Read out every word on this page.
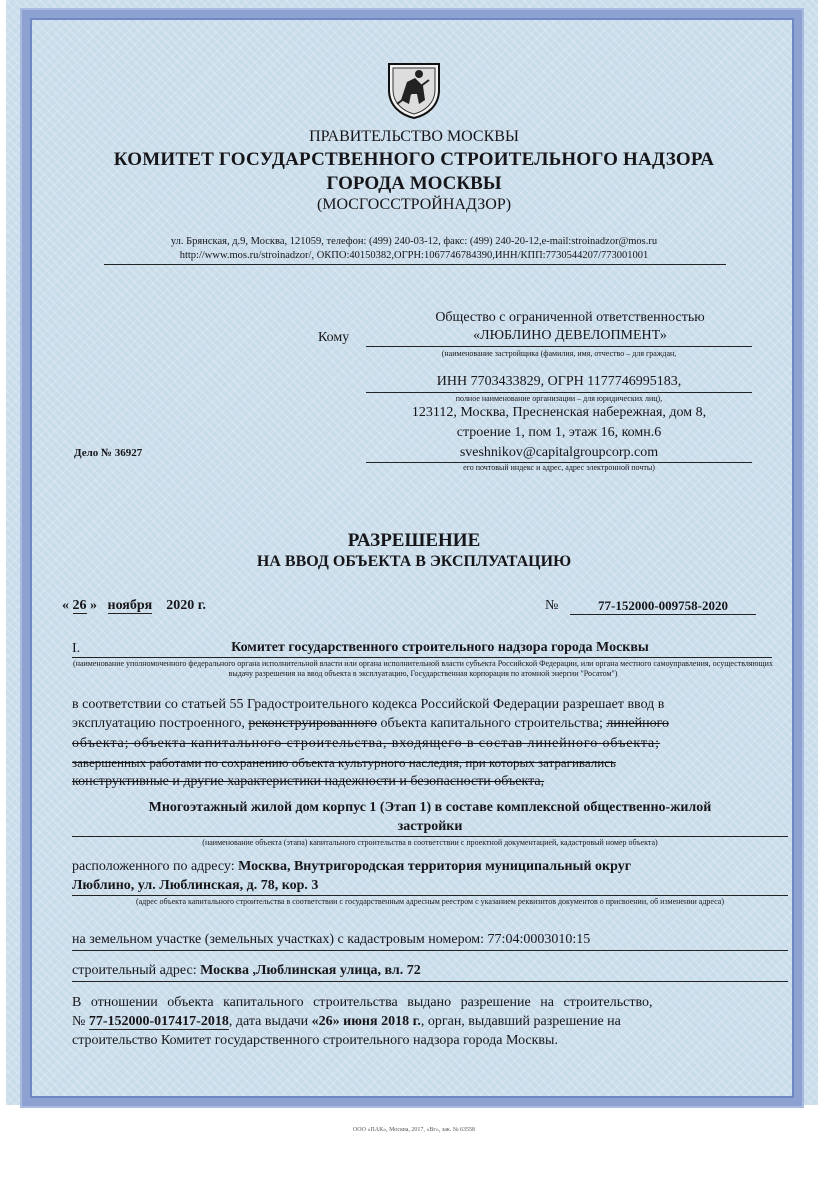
ПРАВИТЕЛЬСТВО МОСКВЫ
КОМИТЕТ ГОСУДАРСТВЕННОГО СТРОИТЕЛЬНОГО НАДЗОРА
ГОРОДА МОСКВЫ
(МОСГОССТРОЙНАДЗОР)
ул. Брянская, д.9, Москва, 121059, телефон: (499) 240-03-12, факс: (499) 240-20-12,e-mail:stroinadzor@mos.ru
http://www.mos.ru/stroinadzor/, ОКПО:40150382,ОГРН:1067746784390,ИНН/КПП:7730544207/773001001
Кому
Общество с ограниченной ответственностью
«ЛЮБЛИНО ДЕВЕЛОПМЕНТ»
(наименование застройщика (фамилия, имя, отчество – для граждан,
ИНН 7703433829, ОГРН 1177746995183,
полное наименование организации – для юридических лиц),
123112, Москва, Пресненская набережная, дом 8,
строение 1, пом 1, этаж 16, комн.6
sveshnikov@capitalgroupcorp.com
его почтовый индекс и адрес, адрес электронной почты)
Дело № 36927
РАЗРЕШЕНИЕ
НА ВВОД ОБЪЕКТА В ЭКСПЛУАТАЦИЮ
« 26 » ноября 2020 г.	№	77-152000-009758-2020
I.	Комитет государственного строительного надзора города Москвы
(наименование уполномоченного федерального органа исполнительной власти или органа исполнительной власти субъекта Российской Федерации, или органа местного самоуправления, осуществляющих выдачу разрешения на ввод объекта в эксплуатацию, Государственная корпорация по атомной энергии "Росатом")
в соответствии со статьей 55 Градостроительного кодекса Российской Федерации разрешает ввод в
эксплуатацию построенного, реконструированного объекта капитального строительства; линейного
объекта; объекта капитального строительства, входящего в состав линейного объекта;
завершенных работами по сохранению объекта культурного наследия, при которых затрагивались
конструктивные и другие характеристики надежности и безопасности объекта,
Многоэтажный жилой дом корпус 1 (Этап 1) в составе комплексной общественно-жилой
застройки
(наименование объекта (этапа) капитального строительства в соответствии с проектной документацией, кадастровый номер объекта)
расположенного по адресу: Москва, Внутригородская территория муниципальный округ
Люблино, ул. Люблинская, д. 78, кор. 3
(адрес объекта капитального строительства в соответствии с государственным адресным реестром с указанием реквизитов документов о присвоении, об изменении адреса)
на земельном участке (земельных участках) с кадастровым номером: 77:04:0003010:15
строительный адрес: Москва ,Люблинская улица, вл. 72
В отношении объекта капитального строительства выдано разрешение на строительство,
№ 77-152000-017417-2018, дата выдачи «26» июня 2018 г., орган, выдавший разрешение на
строительство Комитет государственного строительного надзора города Москвы.
ООО «ПАК», Москва, 2017, «Вг», зак. № 63558
